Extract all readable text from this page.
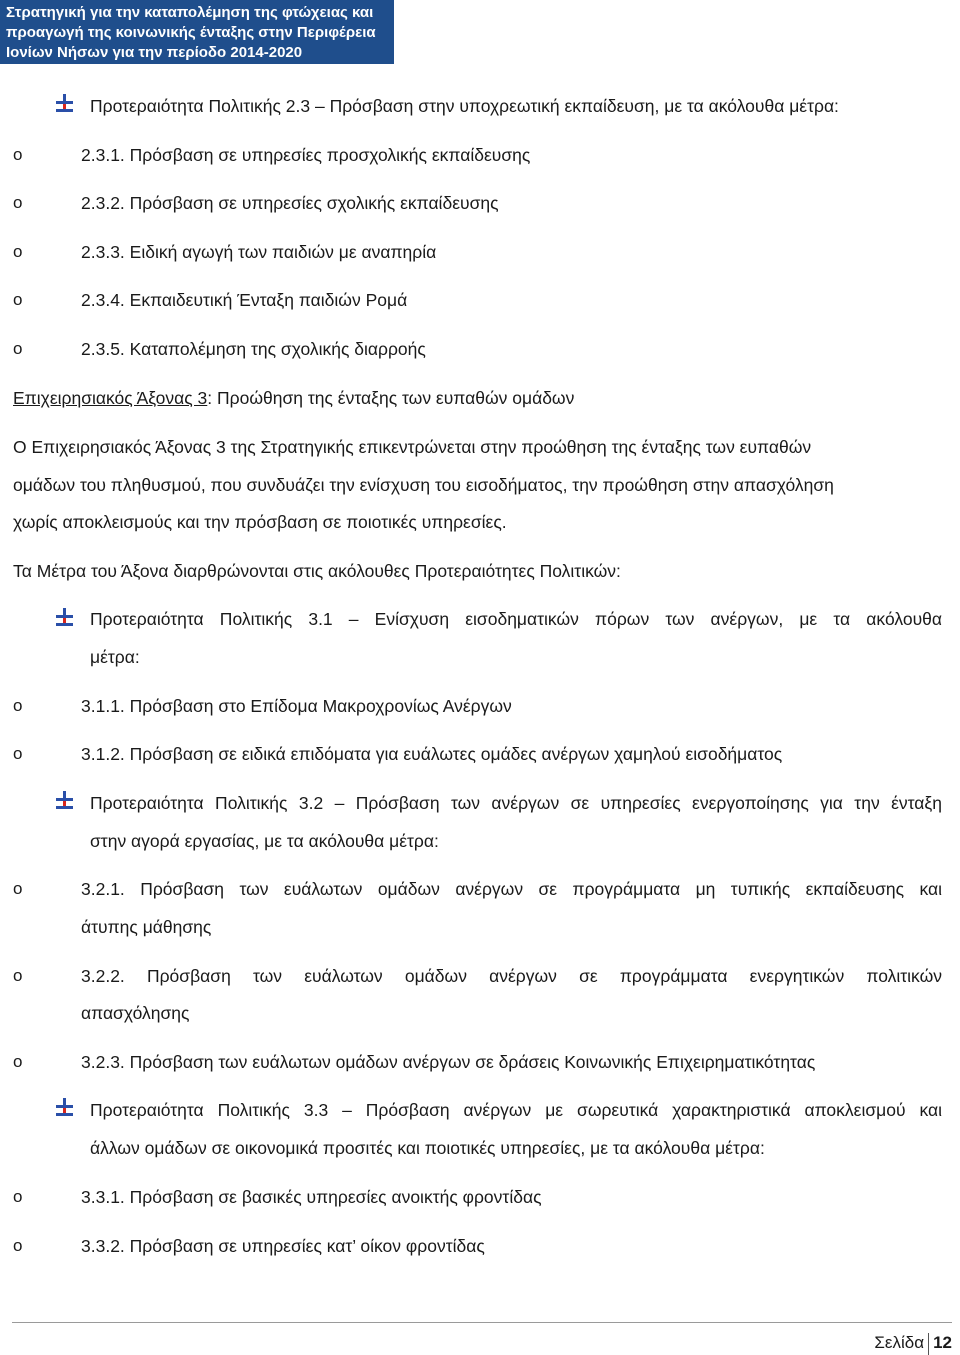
Στρατηγική για την καταπολέμηση της φτώχειας και
προαγωγή της κοινωνικής ένταξης στην Περιφέρεια
Ιονίων Νήσων για την περίοδο 2014-2020
Προτεραιότητα Πολιτικής 2.3 – Πρόσβαση στην υποχρεωτική εκπαίδευση, με τα ακόλουθα μέτρα:
o	2.3.1. Πρόσβαση σε υπηρεσίες προσχολικής εκπαίδευσης
o	2.3.2. Πρόσβαση σε υπηρεσίες σχολικής εκπαίδευσης
o	2.3.3. Ειδική αγωγή των παιδιών με αναπηρία
o	2.3.4. Εκπαιδευτική Ένταξη παιδιών Ρομά
o	2.3.5. Καταπολέμηση της σχολικής διαρροής
Επιχειρησιακός Άξονας 3: Προώθηση της ένταξης των ευπαθών ομάδων
Ο Επιχειρησιακός Άξονας 3 της Στρατηγικής επικεντρώνεται στην προώθηση της ένταξης των ευπαθών
ομάδων του πληθυσμού, που συνδυάζει την ενίσχυση του εισοδήματος, την προώθηση στην απασχόληση
χωρίς αποκλεισμούς και την πρόσβαση σε ποιοτικές υπηρεσίες.
Τα Μέτρα του Άξονα διαρθρώνονται στις ακόλουθες Προτεραιότητες Πολιτικών:
Προτεραιότητα Πολιτικής 3.1 – Ενίσχυση εισοδηματικών πόρων των ανέργων, με τα ακόλουθα
μέτρα:
o	3.1.1. Πρόσβαση στο Επίδομα Μακροχρονίως Ανέργων
o	3.1.2. Πρόσβαση σε ειδικά επιδόματα για ευάλωτες ομάδες ανέργων χαμηλού εισοδήματος
Προτεραιότητα Πολιτικής 3.2 – Πρόσβαση των ανέργων σε υπηρεσίες ενεργοποίησης για την ένταξη
στην αγορά εργασίας, με τα ακόλουθα μέτρα:
o	3.2.1. Πρόσβαση των ευάλωτων ομάδων ανέργων σε προγράμματα μη τυπικής εκπαίδευσης και
άτυπης μάθησης
o	3.2.2. Πρόσβαση των ευάλωτων ομάδων ανέργων σε προγράμματα ενεργητικών πολιτικών
απασχόλησης
o	3.2.3. Πρόσβαση των ευάλωτων ομάδων ανέργων σε δράσεις Κοινωνικής Επιχειρηματικότητας
Προτεραιότητα Πολιτικής 3.3 – Πρόσβαση ανέργων με σωρευτικά χαρακτηριστικά αποκλεισμού και
άλλων ομάδων σε οικονομικά προσιτές και ποιοτικές υπηρεσίες, με τα ακόλουθα μέτρα:
o	3.3.1. Πρόσβαση σε βασικές υπηρεσίες ανοικτής φροντίδας
o	3.3.2. Πρόσβαση σε υπηρεσίες κατ’ οίκον φροντίδας
Σελίδα 12
